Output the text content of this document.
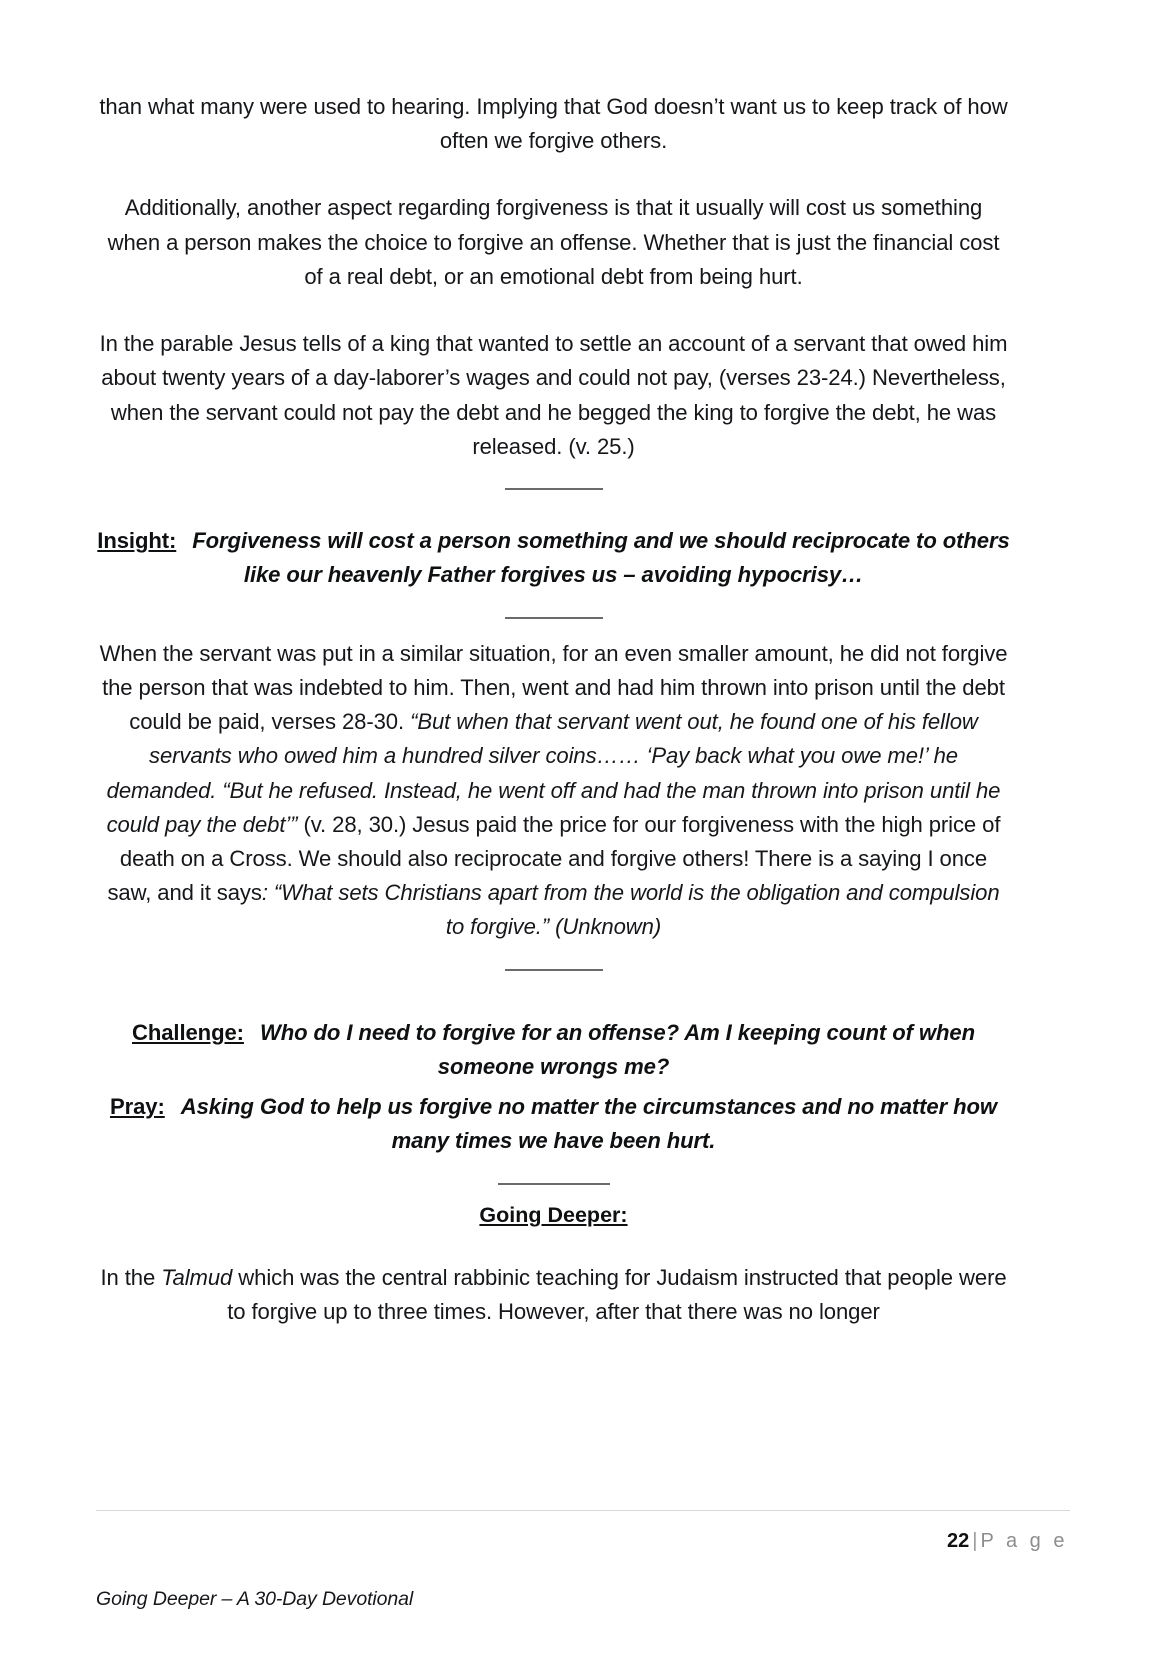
than what many were used to hearing. Implying that God doesn’t want us to keep track of how often we forgive others.

Additionally, another aspect regarding forgiveness is that it usually will cost us something when a person makes the choice to forgive an offense. Whether that is just the financial cost of a real debt, or an emotional debt from being hurt.

In the parable Jesus tells of a king that wanted to settle an account of a servant that owed him about twenty years of a day-laborer’s wages and could not pay, (verses 23-24.) Nevertheless, when the servant could not pay the debt and he begged the king to forgive the debt, he was released. (v. 25.)

Insight: Forgiveness will cost a person something and we should reciprocate to others like our heavenly Father forgives us – avoiding hypocrisy…

When the servant was put in a similar situation, for an even smaller amount, he did not forgive the person that was indebted to him. Then, went and had him thrown into prison until the debt could be paid, verses 28-30. “But when that servant went out, he found one of his fellow servants who owed him a hundred silver coins…… ‘Pay back what you owe me!’ he demanded. “But he refused. Instead, he went off and had the man thrown into prison until he could pay the debt’” (v. 28, 30.) Jesus paid the price for our forgiveness with the high price of death on a Cross. We should also reciprocate and forgive others! There is a saying I once saw, and it says: “What sets Christians apart from the world is the obligation and compulsion to forgive.” (Unknown)

Challenge: Who do I need to forgive for an offense? Am I keeping count of when someone wrongs me?

Pray: Asking God to help us forgive no matter the circumstances and no matter how many times we have been hurt.

Going Deeper:

In the Talmud which was the central rabbinic teaching for Judaism instructed that people were to forgive up to three times. However, after that there was no longer

22 | P a g e
Going Deeper – A 30-Day Devotional
